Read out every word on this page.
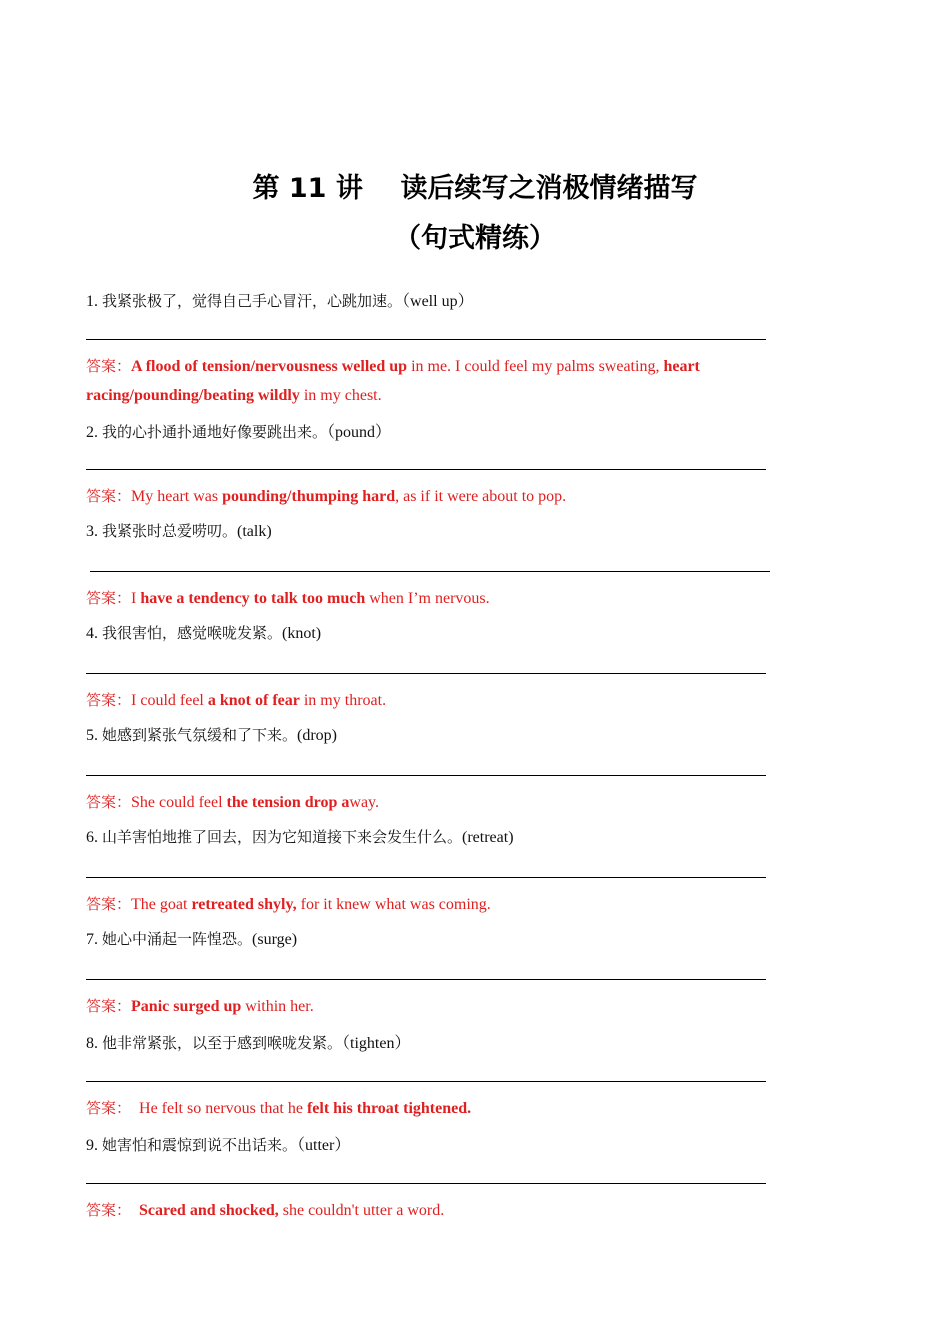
第 11 讲    读后续写之消极情绪描写
（句式精练）
1. 我紧张极了，觉得自己手心冒汗，心跳加速。（well up）
答案：A flood of tension/nervousness welled up in me. I could feel my palms sweating, heart racing/pounding/beating wildly in my chest.
2. 我的心扑通扑通地好像要跳出来。（pound）
答案：My heart was pounding/thumping hard, as if it were about to pop.
3. 我紧张时总爱唠叨。(talk)
答案：I have a tendency to talk too much when I’m nervous.
4. 我很害怕，感觉喉咙发紧。(knot)
答案：I could feel a knot of fear in my throat.
5. 她感到紧张气氛缓和了下来。(drop)
答案：She could feel the tension drop away.
6. 山羊害怕地推了回去，因为它知道接下来会发生什么。(retreat)
答案：The goat retreated shyly, for it knew what was coming.
7. 她心中涌起一阵惶恐。(surge)
答案：Panic surged up within her.
8. 他非常紧张，以至于感到喉咙发紧。（tighten）
答案：  He felt so nervous that he felt his throat tightened.
9. 她害怕和震惊到说不出话来。（utter）
答案： Scared and shocked, she couldn't utter a word.
